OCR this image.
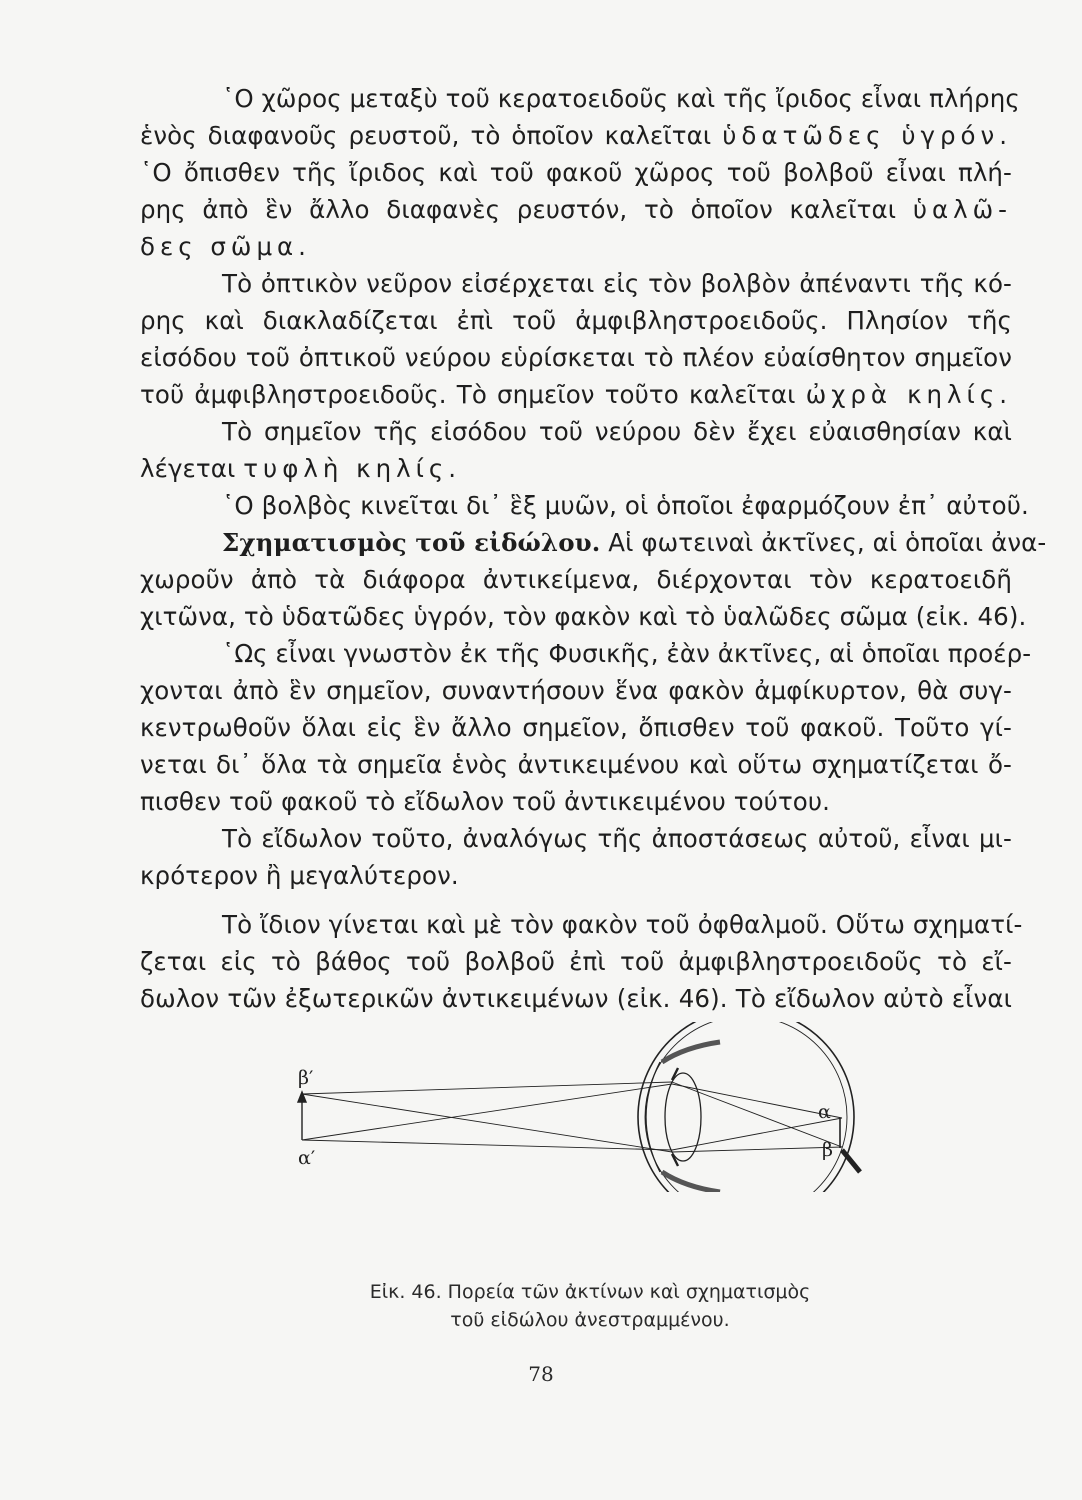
῾Ο χῶρος μεταξὺ τοῦ κερατοειδοῦς καὶ τῆς ἴριδος εἶναι πλήρης
ἑνὸς διαφανοῦς ρευστοῦ, τὸ ὁποῖον καλεῖται ὑδατῶδες ὑγρόν.
῾Ο ὄπισθεν τῆς ἴριδος καὶ τοῦ φακοῦ χῶρος τοῦ βολβοῦ εἶναι πλή-
ρης ἀπὸ ἓν ἄλλο διαφανὲς ρευστόν, τὸ ὁποῖον καλεῖται ὑαλῶ-
δες σῶμα.
Τὸ ὀπτικὸν νεῦρον εἰσέρχεται εἰς τὸν βολβὸν ἀπέναντι τῆς κό-
ρης καὶ διακλαδίζεται ἐπὶ τοῦ ἀμφιβληστροειδοῦς. Πλησίον τῆς
εἰσόδου τοῦ ὀπτικοῦ νεύρου εὑρίσκεται τὸ πλέον εὐαίσθητον σημεῖον
τοῦ ἀμφιβληστροειδοῦς. Τὸ σημεῖον τοῦτο καλεῖται ὠχρὰ κηλίς.
Τὸ σημεῖον τῆς εἰσόδου τοῦ νεύρου δὲν ἔχει εὐαισθησίαν καὶ
λέγεται τυφλὴ κηλίς.
῾Ο βολβὸς κινεῖται δι᾽ ἓξ μυῶν, οἱ ὁποῖοι ἐφαρμόζουν ἐπ᾽ αὐτοῦ.
Σχηματισμὸς τοῦ εἰδώλου. Αἱ φωτειναὶ ἀκτῖνες, αἱ ὁποῖαι ἀνα-
χωροῦν ἀπὸ τὰ διάφορα ἀντικείμενα, διέρχονται τὸν κερατοειδῆ
χιτῶνα, τὸ ὑδατῶδες ὑγρόν, τὸν φακὸν καὶ τὸ ὑαλῶδες σῶμα (εἰκ. 46).
῾Ως εἶναι γνωστὸν ἐκ τῆς Φυσικῆς, ἐὰν ἀκτῖνες, αἱ ὁποῖαι προέρ-
χονται ἀπὸ ἓν σημεῖον, συναντήσουν ἕνα φακὸν ἀμφίκυρτον, θὰ συγ-
κεντρωθοῦν ὅλαι εἰς ἓν ἄλλο σημεῖον, ὄπισθεν τοῦ φακοῦ. Τοῦτο γί-
νεται δι᾽ ὅλα τὰ σημεῖα ἑνὸς ἀντικειμένου καὶ οὕτω σχηματίζεται ὄ-
πισθεν τοῦ φακοῦ τὸ εἴδωλον τοῦ ἀντικειμένου τούτου.
Τὸ εἴδωλον τοῦτο, ἀναλόγως τῆς ἀποστάσεως αὐτοῦ, εἶναι μι-
κρότερον ἢ μεγαλύτερον.
Τὸ ἴδιον γίνεται καὶ μὲ τὸν φακὸν τοῦ ὀφθαλμοῦ. Οὕτω σχηματί-
ζεται εἰς τὸ βάθος τοῦ βολβοῦ ἐπὶ τοῦ ἀμφιβληστροειδοῦς τὸ εἴ-
δωλον τῶν ἐξωτερικῶν ἀντικειμένων (εἰκ. 46). Τὸ εἴδωλον αὐτὸ εἶναι
β′
α′
α
β
Εἰκ. 46. Πορεία τῶν ἀκτίνων καὶ σχηματισμὸς
τοῦ εἰδώλου ἀνεστραμμένου.
78
